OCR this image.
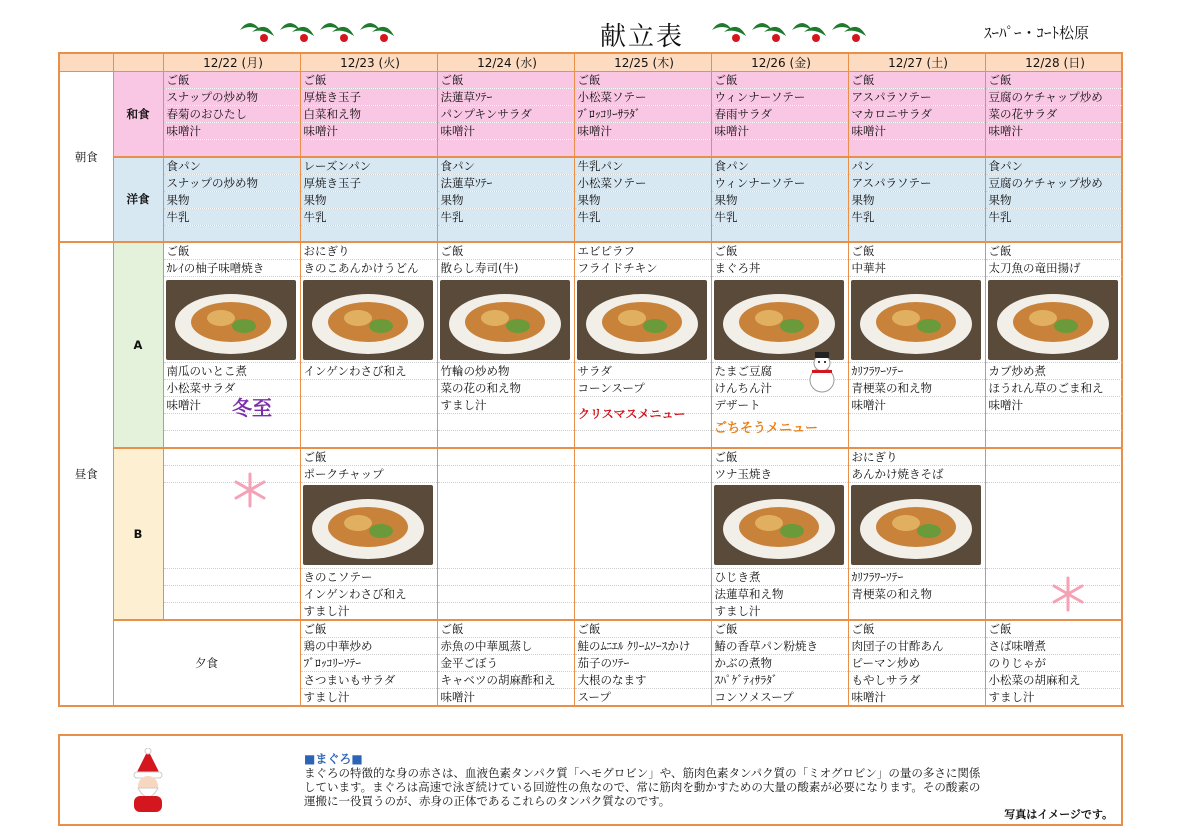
献立表	ｽｰﾊﾟｰ・ｺｰﾄ松原
		12/22 (月)	12/23 (火)	12/24 (水)	12/25 (木)	12/26 (金)	12/27 (土)	12/28 (日)	
朝食	和食	ご飯	ご飯	ご飯	ご飯	ご飯	ご飯	ご飯	
		スナップの炒め物	厚焼き玉子	法蓮草ｿﾃｰ	小松菜ソテー	ウィンナーソテー	アスパラソテー	豆腐のケチャップ炒め	
		春菊のおひたし	白菜和え物	パンプキンサラダ	ﾌﾞﾛｯｺﾘｰｻﾗﾀﾞ	春雨サラダ	マカロニサラダ	菜の花サラダ	
		味噌汁	味噌汁	味噌汁	味噌汁	味噌汁	味噌汁	味噌汁	

	洋食	食パン	レーズンパン	食パン	牛乳パン	食パン	パン	食パン	
		スナップの炒め物	厚焼き玉子	法蓮草ｿﾃｰ	小松菜ソテー	ウィンナーソテー	アスパラソテー	豆腐のケチャップ炒め	
		果物	果物	果物	果物	果物	果物	果物	
		牛乳	牛乳	牛乳	牛乳	牛乳	牛乳	牛乳	

昼食	A	ご飯	おにぎり	ご飯	エビピラフ	ご飯	ご飯	ご飯	
		ｶﾚｲの柚子味噌焼き	きのこあんかけうどん	散らし寿司(牛)	フライドチキン	まぐろ丼	中華丼	太刀魚の竜田揚げ	

		南瓜のいとこ煮	インゲンわさび和え	竹輪の炒め物	サラダ	たまご豆腐	ｶﾘﾌﾗﾜｰｿﾃｰ	カブ炒め煮	
		小松菜サラダ		菜の花の和え物	コーンスープ	けんちん汁	青梗菜の和え物	ほうれん草のごま和え	
		味噌汁		すまし汁		デザート	味噌汁	味噌汁	

	B		ご飯			ご飯	おにぎり		
			ポークチャップ			ツナ玉焼き	あんかけ焼きそば		

			きのこソテー			ひじき煮	ｶﾘﾌﾗﾜｰｿﾃｰ		
			インゲンわさび和え			法蓮草和え物	青梗菜の和え物		
			すまし汁			すまし汁			
	夕食		ご飯	ご飯	ご飯	ご飯	ご飯	ご飯	
			鶏の中華炒め	赤魚の中華風蒸し	鮭のﾑﾆｴﾙ ｸﾘｰﾑｿｰｽかけ	鰆の香草パン粉焼き	肉団子の甘酢あん	さば味噌煮	
			ﾌﾞﾛｯｺﾘｰｿﾃｰ	金平ごぼう	茄子のｿﾃｰ	かぶの煮物	ピーマン炒め	のりじゃが	
			さつまいもサラダ	キャベツの胡麻酢和え	大根のなます	ｽﾊﾟｹﾞﾃｨｻﾗﾀﾞ	もやしサラダ	小松菜の胡麻和え	
			すまし汁	味噌汁	スープ	コンソメスープ	味噌汁	すまし汁	
冬至	クリスマスメニュー
ごちそうメニュー
■まぐろ■
まぐろの特徴的な身の赤さは、血液色素タンパク質「ヘモグロビン」や、筋肉色素タンパク質の「ミオグロビン」の量の多さに関係しています。まぐろは高速で泳ぎ続けている回遊性の魚なので、常に筋肉を動かすための大量の酸素が必要になります。その酸素の運搬に一役買うのが、赤身の正体であるこれらのタンパク質なのです。
写真はイメージです。
